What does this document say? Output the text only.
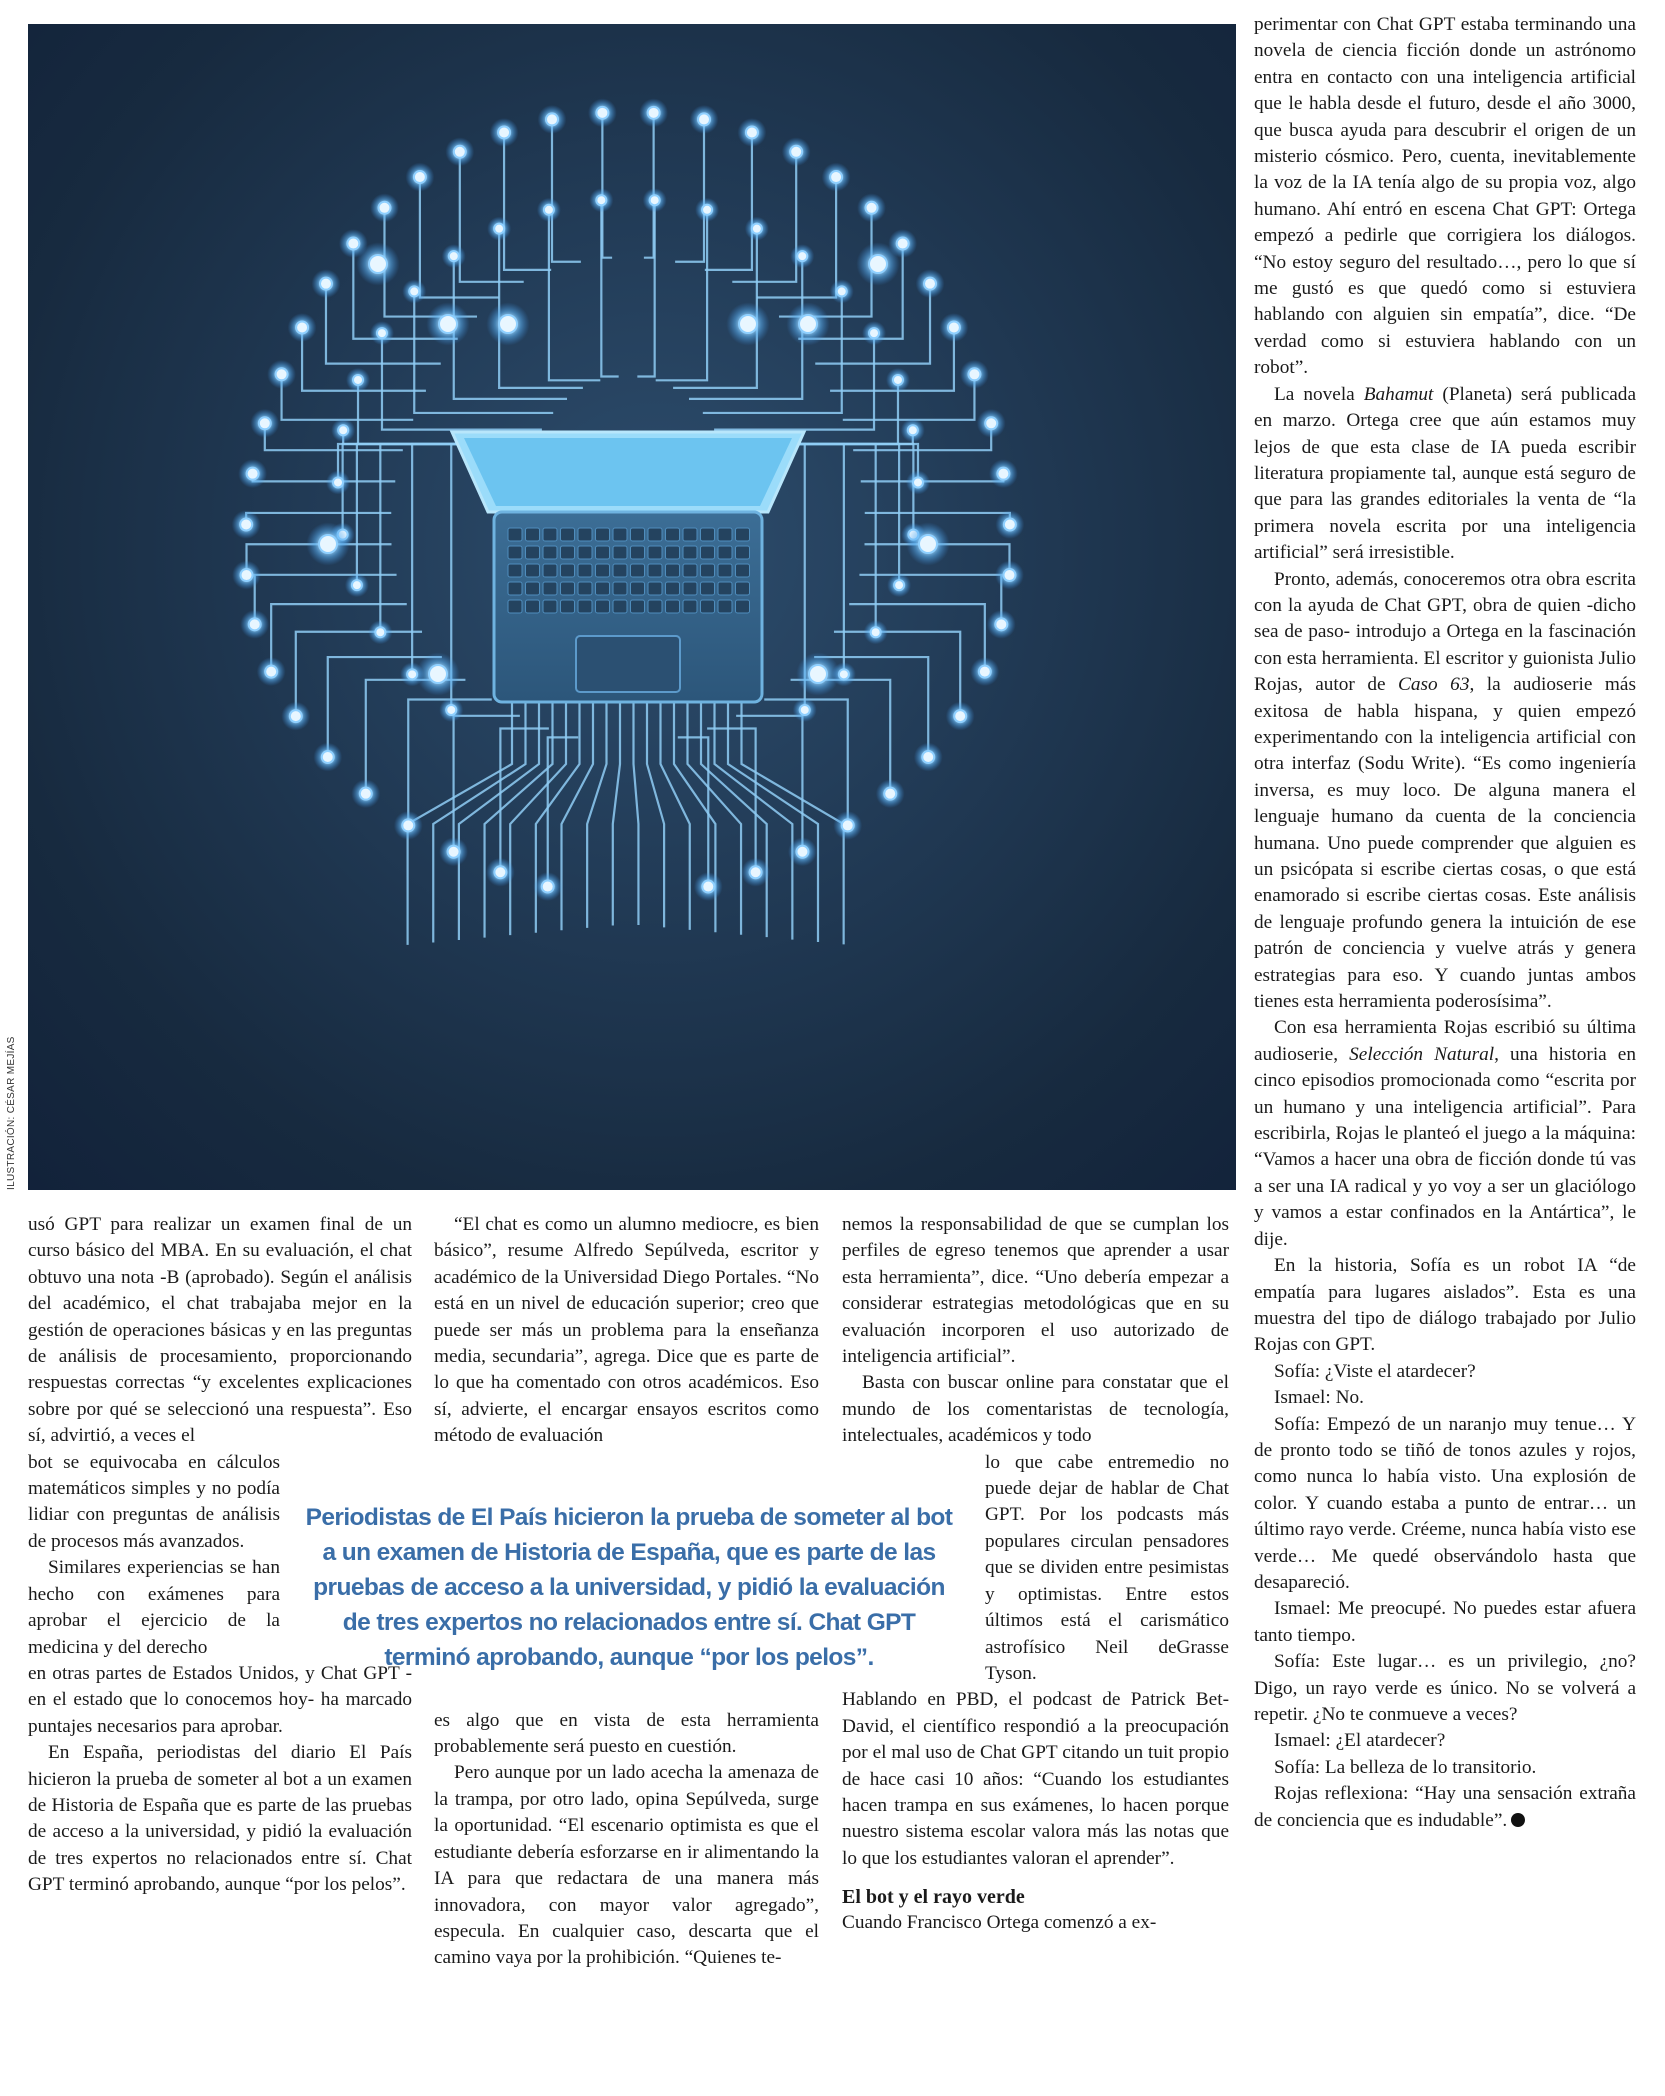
ILUSTRACIÓN: CÉSAR MEJÍAS

usó GPT para realizar un examen final de un curso básico del MBA. En su evaluación, el chat obtuvo una nota -B (aprobado). Según el análisis del académico, el chat trabajaba mejor en la gestión de operaciones básicas y en las preguntas de análisis de procesamiento, proporcionando respuestas correctas “y excelentes explicaciones sobre por qué se seleccionó una respuesta”. Eso sí, advirtió, a veces el

bot se equivocaba en cálculos matemáticos simples y no podía lidiar con preguntas de análisis de procesos más avanzados.

Similares experiencias se han hecho con exámenes para aprobar el ejercicio de la medicina y del derecho

en otras partes de Estados Unidos, y Chat GPT -en el estado que lo conocemos hoy- ha marcado puntajes necesarios para aprobar.

En España, periodistas del diario El País hicieron la prueba de someter al bot a un examen de Historia de España que es parte de las pruebas de acceso a la universidad, y pidió la evaluación de tres expertos no relacionados entre sí. Chat GPT terminó aprobando, aunque “por los pelos”.

“El chat es como un alumno mediocre, es bien básico”, resume Alfredo Sepúlveda, escritor y académico de la Universidad Diego Portales. “No está en un nivel de educación superior; creo que puede ser más un problema para la enseñanza media, secundaria”, agrega. Dice que es parte de lo que ha comentado con otros académicos. Eso sí, advierte, el encargar ensayos escritos como método de evaluación

es algo que en vista de esta herramienta probablemente será puesto en cuestión.

Pero aunque por un lado acecha la amenaza de la trampa, por otro lado, opina Sepúlveda, surge la oportunidad. “El escenario optimista es que el estudiante debería esforzarse en ir alimentando la IA para que redactara de una manera más innovadora, con mayor valor agregado”, especula. En cualquier caso, descarta que el camino vaya por la prohibición. “Quienes te-

nemos la responsabilidad de que se cumplan los perfiles de egreso tenemos que aprender a usar esta herramienta”, dice. “Uno debería empezar a considerar estrategias metodológicas que en su evaluación incorporen el uso autorizado de inteligencia artificial”.

Basta con buscar online para constatar que el mundo de los comentaristas de tecnología, intelectuales, académicos y todo

lo que cabe entremedio no puede dejar de hablar de Chat GPT. Por los podcasts más populares circulan pensadores que se dividen entre pesimistas y optimistas. Entre estos últimos está el carismático astrofísico Neil deGrasse Tyson.

Hablando en PBD, el podcast de Patrick Bet-David, el científico respondió a la preocupación por el mal uso de Chat GPT citando un tuit propio de hace casi 10 años: “Cuando los estudiantes hacen trampa en sus exámenes, lo hacen porque nuestro sistema escolar valora más las notas que lo que los estudiantes valoran el aprender”.

El bot y el rayo verde

Cuando Francisco Ortega comenzó a ex-

perimentar con Chat GPT estaba terminando una novela de ciencia ficción donde un astrónomo entra en contacto con una inteligencia artificial que le habla desde el futuro, desde el año 3000, que busca ayuda para descubrir el origen de un misterio cósmico. Pero, cuenta, inevitablemente la voz de la IA tenía algo de su propia voz, algo humano. Ahí entró en escena Chat GPT: Ortega empezó a pedirle que corrigiera los diálogos. “No estoy seguro del resultado…, pero lo que sí me gustó es que quedó como si estuviera hablando con alguien sin empatía”, dice. “De verdad como si estuviera hablando con un robot”.

La novela Bahamut (Planeta) será publicada en marzo. Ortega cree que aún estamos muy lejos de que esta clase de IA pueda escribir literatura propiamente tal, aunque está seguro de que para las grandes editoriales la venta de “la primera novela escrita por una inteligencia artificial” será irresistible.

Pronto, además, conoceremos otra obra escrita con la ayuda de Chat GPT, obra de quien -dicho sea de paso- introdujo a Ortega en la fascinación con esta herramienta. El escritor y guionista Julio Rojas, autor de Caso 63, la audioserie más exitosa de habla hispana, y quien empezó experimentando con la inteligencia artificial con otra interfaz (Sodu Write). “Es como ingeniería inversa, es muy loco. De alguna manera el lenguaje humano da cuenta de la conciencia humana. Uno puede comprender que alguien es un psicópata si escribe ciertas cosas, o que está enamorado si escribe ciertas cosas. Este análisis de lenguaje profundo genera la intuición de ese patrón de conciencia y vuelve atrás y genera estrategias para eso. Y cuando juntas ambos tienes esta herramienta poderosísima”.

Con esa herramienta Rojas escribió su última audioserie, Selección Natural, una historia en cinco episodios promocionada como “escrita por un humano y una inteligencia artificial”. Para escribirla, Rojas le planteó el juego a la máquina: “Vamos a hacer una obra de ficción donde tú vas a ser una IA radical y yo voy a ser un glaciólogo y vamos a estar confinados en la Antártica”, le dije.

En la historia, Sofía es un robot IA “de empatía para lugares aislados”. Esta es una muestra del tipo de diálogo trabajado por Julio Rojas con GPT.

Sofía: ¿Viste el atardecer?

Ismael: No.

Sofía: Empezó de un naranjo muy tenue… Y de pronto todo se tiñó de tonos azules y rojos, como nunca lo había visto. Una explosión de color. Y cuando estaba a punto de entrar… un último rayo verde. Créeme, nunca había visto ese verde… Me quedé observándolo hasta que desapareció.

Ismael: Me preocupé. No puedes estar afuera tanto tiempo.

Sofía: Este lugar… es un privilegio, ¿no? Digo, un rayo verde es único. No se volverá a repetir. ¿No te conmueve a veces?

Ismael: ¿El atardecer?

Sofía: La belleza de lo transitorio.

Rojas reflexiona: “Hay una sensación extraña de conciencia que es indudable”.

Periodistas de El País hicieron la prueba de someter al bot a un examen de Historia de España, que es parte de las pruebas de acceso a la universidad, y pidió la evaluación de tres expertos no relacionados entre sí. Chat GPT terminó aprobando, aunque “por los pelos”.
